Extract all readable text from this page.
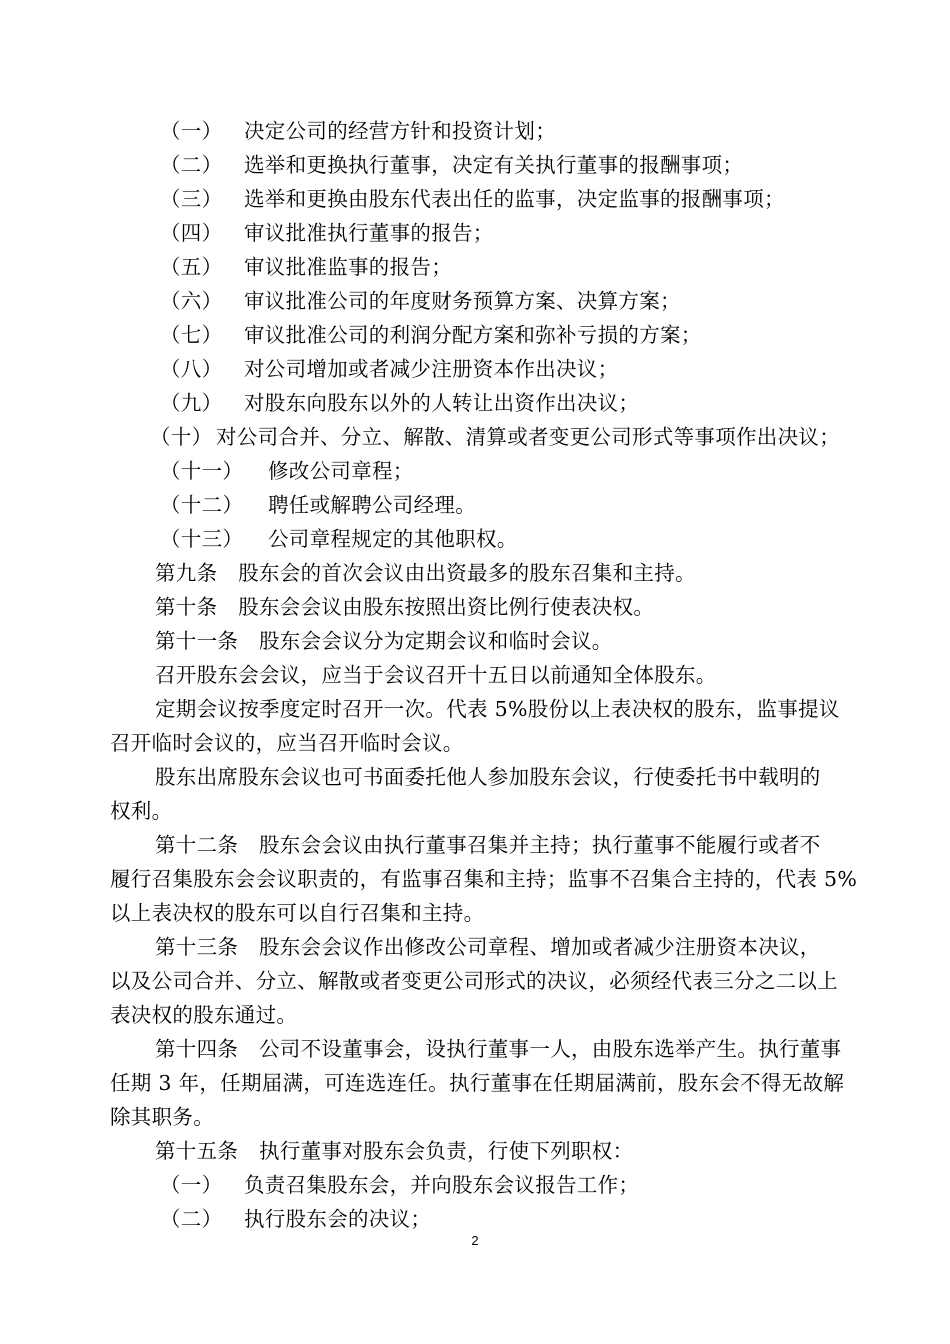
（一） 决定公司的经营方针和投资计划；
（二） 选举和更换执行董事，决定有关执行董事的报酬事项；
（三） 选举和更换由股东代表出任的监事，决定监事的报酬事项；
（四） 审议批准执行董事的报告；
（五） 审议批准监事的报告；
（六） 审议批准公司的年度财务预算方案、决算方案；
（七） 审议批准公司的利润分配方案和弥补亏损的方案；
（八） 对公司增加或者减少注册资本作出决议；
（九） 对股东向股东以外的人转让出资作出决议；
（十） 对公司合并、分立、解散、清算或者变更公司形式等事项作出决议；
（十一） 修改公司章程；
（十二） 聘任或解聘公司经理。
（十三） 公司章程规定的其他职权。
第九条　股东会的首次会议由出资最多的股东召集和主持。
第十条　股东会会议由股东按照出资比例行使表决权。
第十一条　股东会会议分为定期会议和临时会议。
召开股东会会议，应当于会议召开十五日以前通知全体股东。
定期会议按季度定时召开一次。代表 5%股份以上表决权的股东，监事提议
召开临时会议的，应当召开临时会议。
股东出席股东会议也可书面委托他人参加股东会议，行使委托书中载明的
权利。
第十二条　股东会会议由执行董事召集并主持；执行董事不能履行或者不
履行召集股东会会议职责的，有监事召集和主持；监事不召集合主持的，代表 5%
以上表决权的股东可以自行召集和主持。
第十三条　股东会会议作出修改公司章程、增加或者减少注册资本决议，
以及公司合并、分立、解散或者变更公司形式的决议，必须经代表三分之二以上
表决权的股东通过。
第十四条　公司不设董事会，设执行董事一人，由股东选举产生。执行董事
任期 3 年，任期届满，可连选连任。执行董事在任期届满前，股东会不得无故解
除其职务。
第十五条　执行董事对股东会负责，行使下列职权：
（一） 负责召集股东会，并向股东会议报告工作；
（二） 执行股东会的决议；
2
